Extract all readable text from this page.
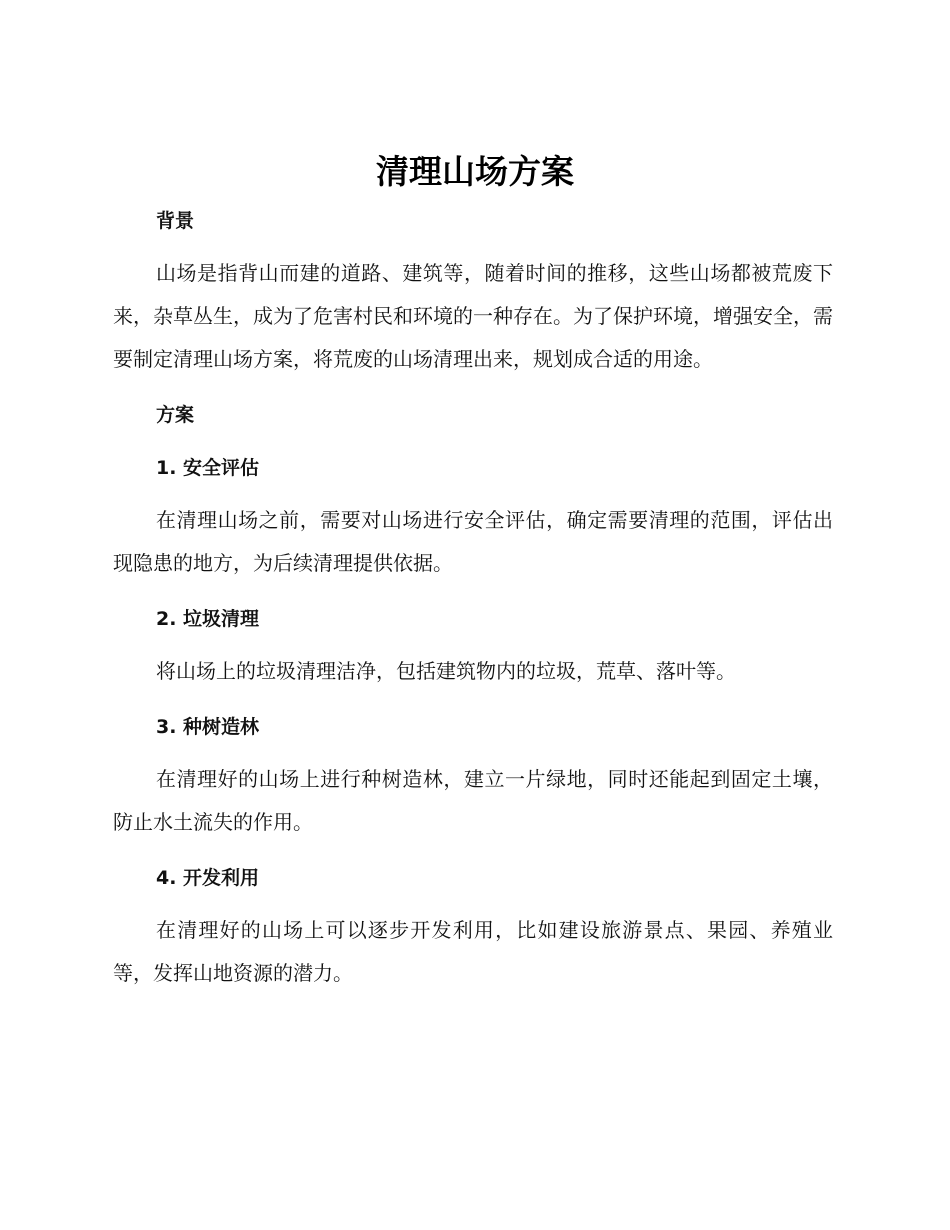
清理山场方案
背景

山场是指背山而建的道路、建筑等，随着时间的推移，这些山场都被荒废下来，杂草丛生，成为了危害村民和环境的一种存在。为了保护环境，增强安全，需要制定清理山场方案，将荒废的山场清理出来，规划成合适的用途。

方案
1. 安全评估

在清理山场之前，需要对山场进行安全评估，确定需要清理的范围，评估出现隐患的地方，为后续清理提供依据。

2. 垃圾清理

将山场上的垃圾清理洁净，包括建筑物内的垃圾，荒草、落叶等。

3. 种树造林

在清理好的山场上进行种树造林，建立一片绿地，同时还能起到固定土壤，防止水土流失的作用。

4. 开发利用

在清理好的山场上可以逐步开发利用，比如建设旅游景点、果园、养殖业等，发挥山地资源的潜力。
